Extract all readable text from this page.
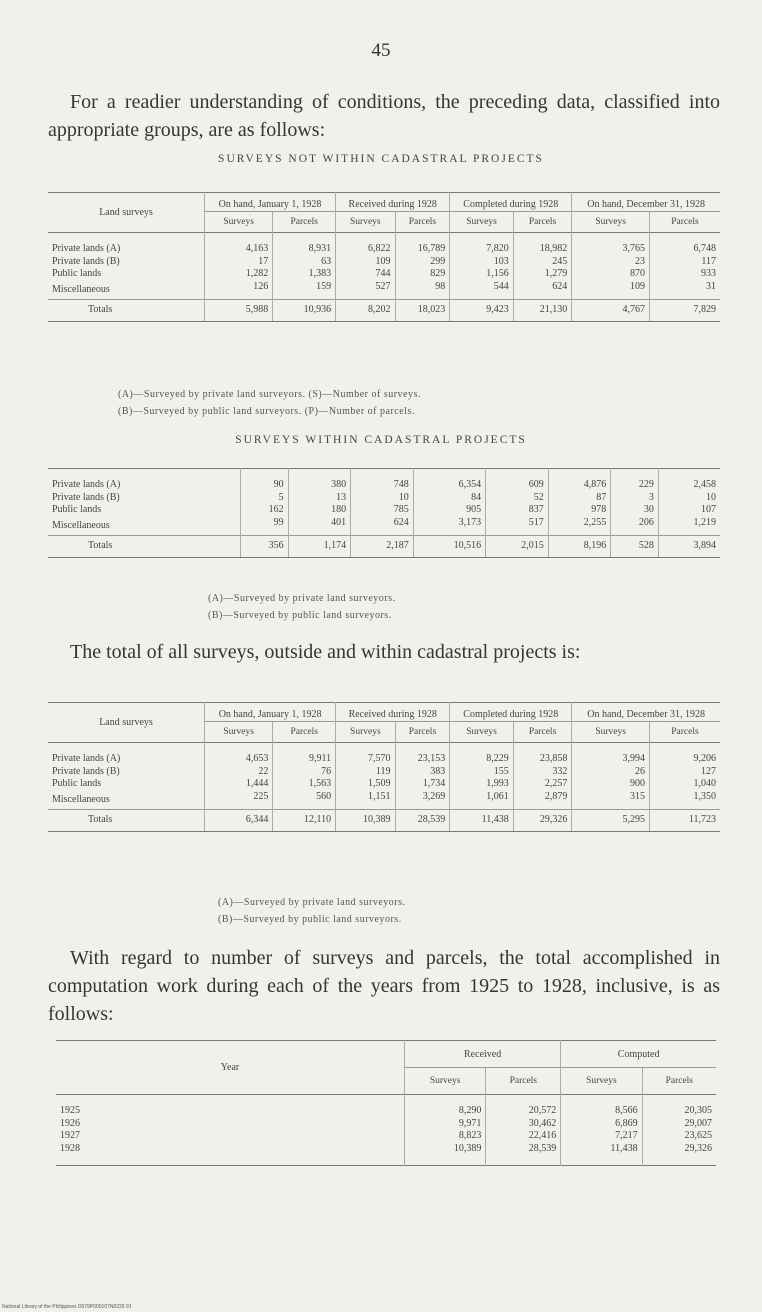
45
For a readier understanding of conditions, the preceding data, classified into appropriate groups, are as follows:
SURVEYS NOT WITHIN CADASTRAL PROJECTS
Land surveys	On hand, January 1, 1928		Received during 1928		Completed during 1928		On hand, December 31, 1928	
	Surveys	Parcels	Surveys	Parcels	Surveys	Parcels	Surveys	Parcels
Private lands (A)	4,163	8,931	6,822	16,789	7,820	18,982	3,765	6,748
Private lands (B)	17	63	109	299	103	245	23	117
Public lands	1,282	1,383	744	829	1,156	1,279	870	933
Miscellaneous	126	159	527	98	544	624	109	31
Totals	5,988	10,936	8,202	18,023	9,423	21,130	4,767	7,829
(A)—Surveyed by private land surveyors. (S)—Number of surveys.
(B)—Surveyed by public land surveyors. (P)—Number of parcels.
SURVEYS WITHIN CADASTRAL PROJECTS
Private lands (A)	90	380	748	6,354	609	4,876	229	2,458
Private lands (B)	5	13	10	84	52	87	3	10
Public lands	162	180	785	905	837	978	30	107
Miscellaneous	99	401	624	3,173	517	2,255	206	1,219
Totals	356	1,174	2,187	10,516	2,015	8,196	528	3,894
(A)—Surveyed by private land surveyors.
(B)—Surveyed by public land surveyors.
The total of all surveys, outside and within cadastral projects is:
Land surveys	On hand, January 1, 1928		Received during 1928		Completed during 1928		On hand, December 31, 1928	
	Surveys	Parcels	Surveys	Parcels	Surveys	Parcels	Surveys	Parcels
Private lands (A)	4,653	9,911	7,570	23,153	8,229	23,858	3,994	9,206
Private lands (B)	22	76	119	383	155	332	26	127
Public lands	1,444	1,563	1,509	1,734	1,993	2,257	900	1,040
Miscellaneous	225	560	1,151	3,269	1,061	2,879	315	1,350
Totals	6,344	12,110	10,389	28,539	11,438	29,326	5,295	11,723
(A)—Surveyed by private land surveyors.
(B)—Surveyed by public land surveyors.
With regard to number of surveys and parcels, the total accomplished in computation work during each of the years from 1925 to 1928, inclusive, is as follows:
Year	Received		Computed	
	Surveys	Parcels	Surveys	Parcels
1925	8,290	20,572	8,566	20,305
1926	9,971	30,462	6,869	29,007
1927	8,823	22,416	7,217	23,625
1928	10,389	28,539	11,438	29,326
National Library of the Philippines D079P000107N0229 91
